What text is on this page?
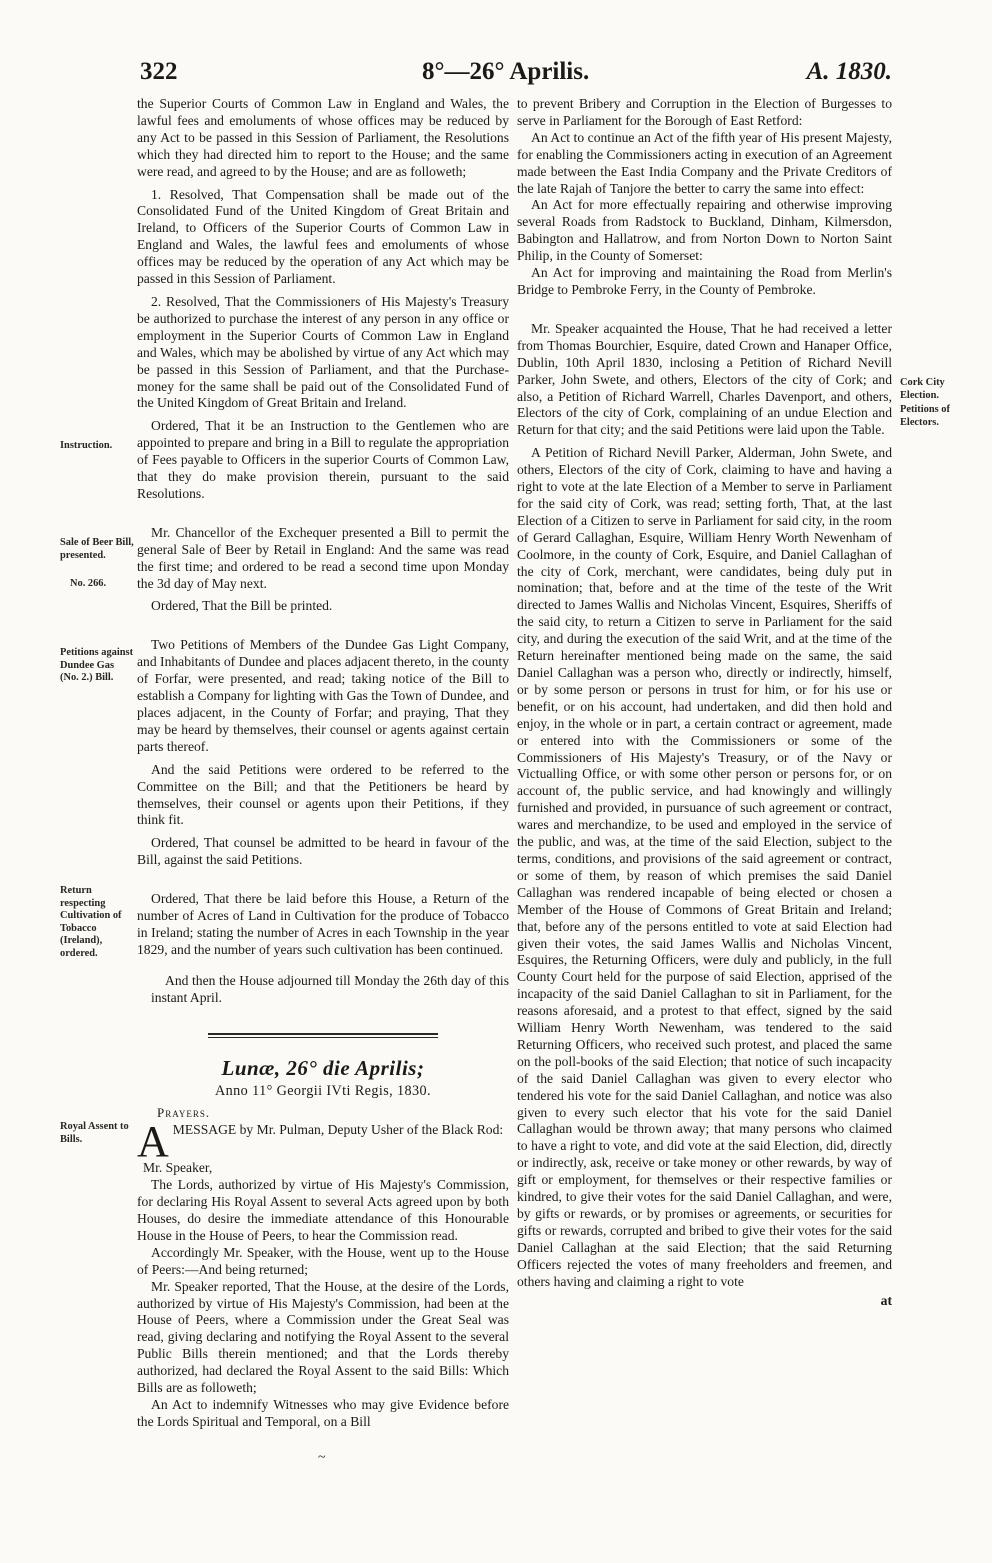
322	8°—26° Aprilis.	A. 1830.
Instruction.
Sale of Beer Bill, presented.
No. 266.
Petitions against Dundee Gas (No. 2.) Bill.
Return respecting Cultivation of Tobacco (Ireland), ordered.
Royal Assent to Bills.
Cork City Election.
Petitions of Electors.

the Superior Courts of Common Law in England and Wales, the lawful fees and emoluments of whose offices may be reduced by any Act to be passed in this Session of Parliament, the Resolutions which they had directed him to report to the House; and the same were read, and agreed to by the House; and are as followeth;

1. Resolved, That Compensation shall be made out of the Consolidated Fund of the United Kingdom of Great Britain and Ireland, to Officers of the Superior Courts of Common Law in England and Wales, the lawful fees and emoluments of whose offices may be reduced by the operation of any Act which may be passed in this Session of Parliament.

2. Resolved, That the Commissioners of His Majesty's Treasury be authorized to purchase the interest of any person in any office or employment in the Superior Courts of Common Law in England and Wales, which may be abolished by virtue of any Act which may be passed in this Session of Parliament, and that the Purchase-money for the same shall be paid out of the Consolidated Fund of the United Kingdom of Great Britain and Ireland.

Ordered, That it be an Instruction to the Gentlemen who are appointed to prepare and bring in a Bill to regulate the appropriation of Fees payable to Officers in the superior Courts of Common Law, that they do make provision therein, pursuant to the said Resolutions.

Mr. Chancellor of the Exchequer presented a Bill to permit the general Sale of Beer by Retail in England: And the same was read the first time; and ordered to be read a second time upon Monday the 3d day of May next.

Ordered, That the Bill be printed.

Two Petitions of Members of the Dundee Gas Light Company, and Inhabitants of Dundee and places adjacent thereto, in the county of Forfar, were presented, and read; taking notice of the Bill to establish a Company for lighting with Gas the Town of Dundee, and places adjacent, in the County of Forfar; and praying, That they may be heard by themselves, their counsel or agents against certain parts thereof.

And the said Petitions were ordered to be referred to the Committee on the Bill; and that the Petitioners be heard by themselves, their counsel or agents upon their Petitions, if they think fit.

Ordered, That counsel be admitted to be heard in favour of the Bill, against the said Petitions.

Ordered, That there be laid before this House, a Return of the number of Acres of Land in Cultivation for the produce of Tobacco in Ireland; stating the number of Acres in each Township in the year 1829, and the number of years such cultivation has been continued.

And then the House adjourned till Monday the 26th day of this instant April.

Lunæ, 26° die Aprilis;
Anno 11° Georgii IVti Regis, 1830.

Prayers.

AMESSAGE by Mr. Pulman, Deputy Usher of the Black Rod:

Mr. Speaker,

The Lords, authorized by virtue of His Majesty's Commission, for declaring His Royal Assent to several Acts agreed upon by both Houses, do desire the immediate attendance of this Honourable House in the House of Peers, to hear the Commission read.

Accordingly Mr. Speaker, with the House, went up to the House of Peers:—And being returned;

Mr. Speaker reported, That the House, at the desire of the Lords, authorized by virtue of His Majesty's Commission, had been at the House of Peers, where a Commission under the Great Seal was read, giving declaring and notifying the Royal Assent to the several Public Bills therein mentioned; and that the Lords thereby authorized, had declared the Royal Assent to the said Bills: Which Bills are as followeth;

An Act to indemnify Witnesses who may give Evidence before the Lords Spiritual and Temporal, on a Bill

to prevent Bribery and Corruption in the Election of Burgesses to serve in Parliament for the Borough of East Retford:

An Act to continue an Act of the fifth year of His present Majesty, for enabling the Commissioners acting in execution of an Agreement made between the East India Company and the Private Creditors of the late Rajah of Tanjore the better to carry the same into effect:

An Act for more effectually repairing and otherwise improving several Roads from Radstock to Buckland, Dinham, Kilmersdon, Babington and Hallatrow, and from Norton Down to Norton Saint Philip, in the County of Somerset:

An Act for improving and maintaining the Road from Merlin's Bridge to Pembroke Ferry, in the County of Pembroke.

Mr. Speaker acquainted the House, That he had received a letter from Thomas Bourchier, Esquire, dated Crown and Hanaper Office, Dublin, 10th April 1830, inclosing a Petition of Richard Nevill Parker, John Swete, and others, Electors of the city of Cork; and also, a Petition of Richard Warrell, Charles Davenport, and others, Electors of the city of Cork, complaining of an undue Election and Return for that city; and the said Petitions were laid upon the Table.

A Petition of Richard Nevill Parker, Alderman, John Swete, and others, Electors of the city of Cork, claiming to have and having a right to vote at the late Election of a Member to serve in Parliament for the said city of Cork, was read; setting forth, That, at the last Election of a Citizen to serve in Parliament for said city, in the room of Gerard Callaghan, Esquire, William Henry Worth Newenham of Coolmore, in the county of Cork, Esquire, and Daniel Callaghan of the city of Cork, merchant, were candidates, being duly put in nomination; that, before and at the time of the teste of the Writ directed to James Wallis and Nicholas Vincent, Esquires, Sheriffs of the said city, to return a Citizen to serve in Parliament for the said city, and during the execution of the said Writ, and at the time of the Return hereinafter mentioned being made on the same, the said Daniel Callaghan was a person who, directly or indirectly, himself, or by some person or persons in trust for him, or for his use or benefit, or on his account, had undertaken, and did then hold and enjoy, in the whole or in part, a certain contract or agreement, made or entered into with the Commissioners or some of the Commissioners of His Majesty's Treasury, or of the Navy or Victualling Office, or with some other person or persons for, or on account of, the public service, and had knowingly and willingly furnished and provided, in pursuance of such agreement or contract, wares and merchandize, to be used and employed in the service of the public, and was, at the time of the said Election, subject to the terms, conditions, and provisions of the said agreement or contract, or some of them, by reason of which premises the said Daniel Callaghan was rendered incapable of being elected or chosen a Member of the House of Commons of Great Britain and Ireland; that, before any of the persons entitled to vote at said Election had given their votes, the said James Wallis and Nicholas Vincent, Esquires, the Returning Officers, were duly and publicly, in the full County Court held for the purpose of said Election, apprised of the incapacity of the said Daniel Callaghan to sit in Parliament, for the reasons aforesaid, and a protest to that effect, signed by the said William Henry Worth Newenham, was tendered to the said Returning Officers, who received such protest, and placed the same on the poll-books of the said Election; that notice of such incapacity of the said Daniel Callaghan was given to every elector who tendered his vote for the said Daniel Callaghan, and notice was also given to every such elector that his vote for the said Daniel Callaghan would be thrown away; that many persons who claimed to have a right to vote, and did vote at the said Election, did, directly or indirectly, ask, receive or take money or other rewards, by way of gift or employment, for themselves or their respective families or kindred, to give their votes for the said Daniel Callaghan, and were, by gifts or rewards, or by promises or agreements, or securities for gifts or rewards, corrupted and bribed to give their votes for the said Daniel Callaghan at the said Election; that the said Returning Officers rejected the votes of many freeholders and freemen, and others having and claiming a right to vote

at
~
